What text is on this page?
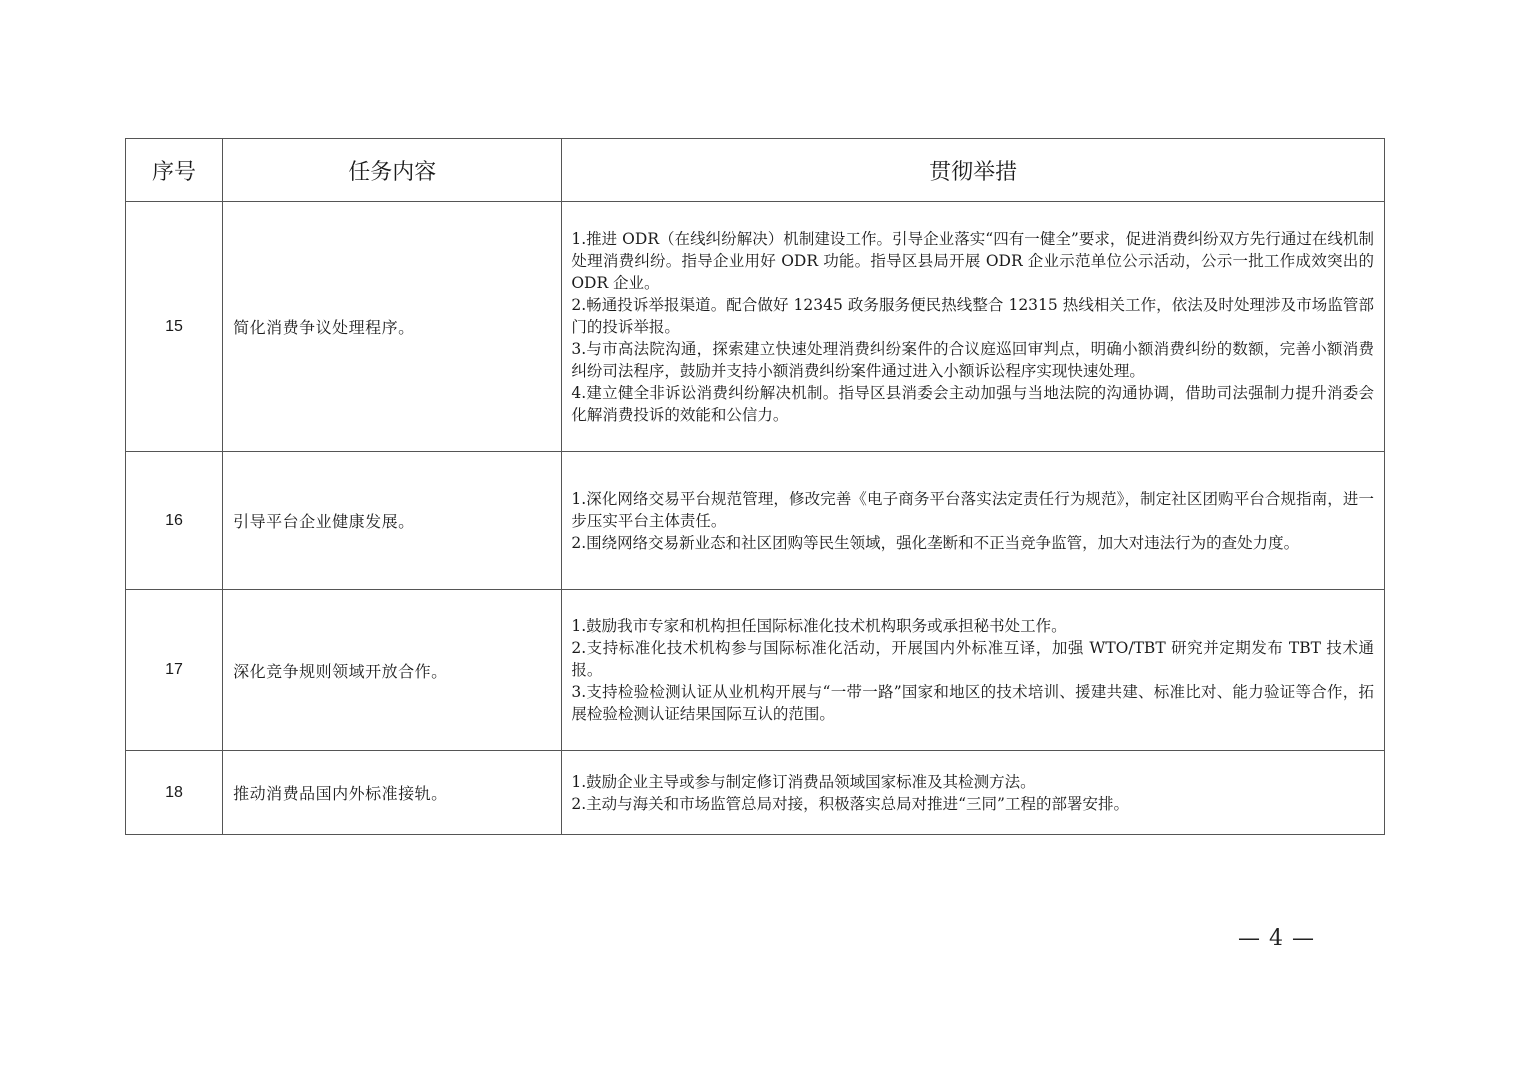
序号	任务内容	贯彻举措
15	简化消费争议处理程序。	1.推进 ODR（在线纠纷解决）机制建设工作。引导企业落实“四有一健全”要求，促进消费纠纷双方先行通过在线机制处理消费纠纷。指导企业用好 ODR 功能。指导区县局开展 ODR 企业示范单位公示活动，公示一批工作成效突出的 ODR 企业。
2.畅通投诉举报渠道。配合做好 12345 政务服务便民热线整合 12315 热线相关工作，依法及时处理涉及市场监管部门的投诉举报。
3.与市高法院沟通，探索建立快速处理消费纠纷案件的合议庭巡回审判点，明确小额消费纠纷的数额，完善小额消费纠纷司法程序，鼓励并支持小额消费纠纷案件通过进入小额诉讼程序实现快速处理。
4.建立健全非诉讼消费纠纷解决机制。指导区县消委会主动加强与当地法院的沟通协调，借助司法强制力提升消委会化解消费投诉的效能和公信力。

16	引导平台企业健康发展。	1.深化网络交易平台规范管理，修改完善《电子商务平台落实法定责任行为规范》，制定社区团购平台合规指南，进一步压实平台主体责任。
2.围绕网络交易新业态和社区团购等民生领域，强化垄断和不正当竞争监管，加大对违法行为的查处力度。

17	深化竞争规则领域开放合作。	1.鼓励我市专家和机构担任国际标准化技术机构职务或承担秘书处工作。
2.支持标准化技术机构参与国际标准化活动，开展国内外标准互译，加强 WTO/TBT 研究并定期发布 TBT 技术通报。
3.支持检验检测认证从业机构开展与“一带一路”国家和地区的技术培训、援建共建、标准比对、能力验证等合作，拓展检验检测认证结果国际互认的范围。

18	推动消费品国内外标准接轨。	1.鼓励企业主导或参与制定修订消费品领域国家标准及其检测方法。
2.主动与海关和市场监管总局对接，积极落实总局对推进“三同”工程的部署安排。
— 4 —
